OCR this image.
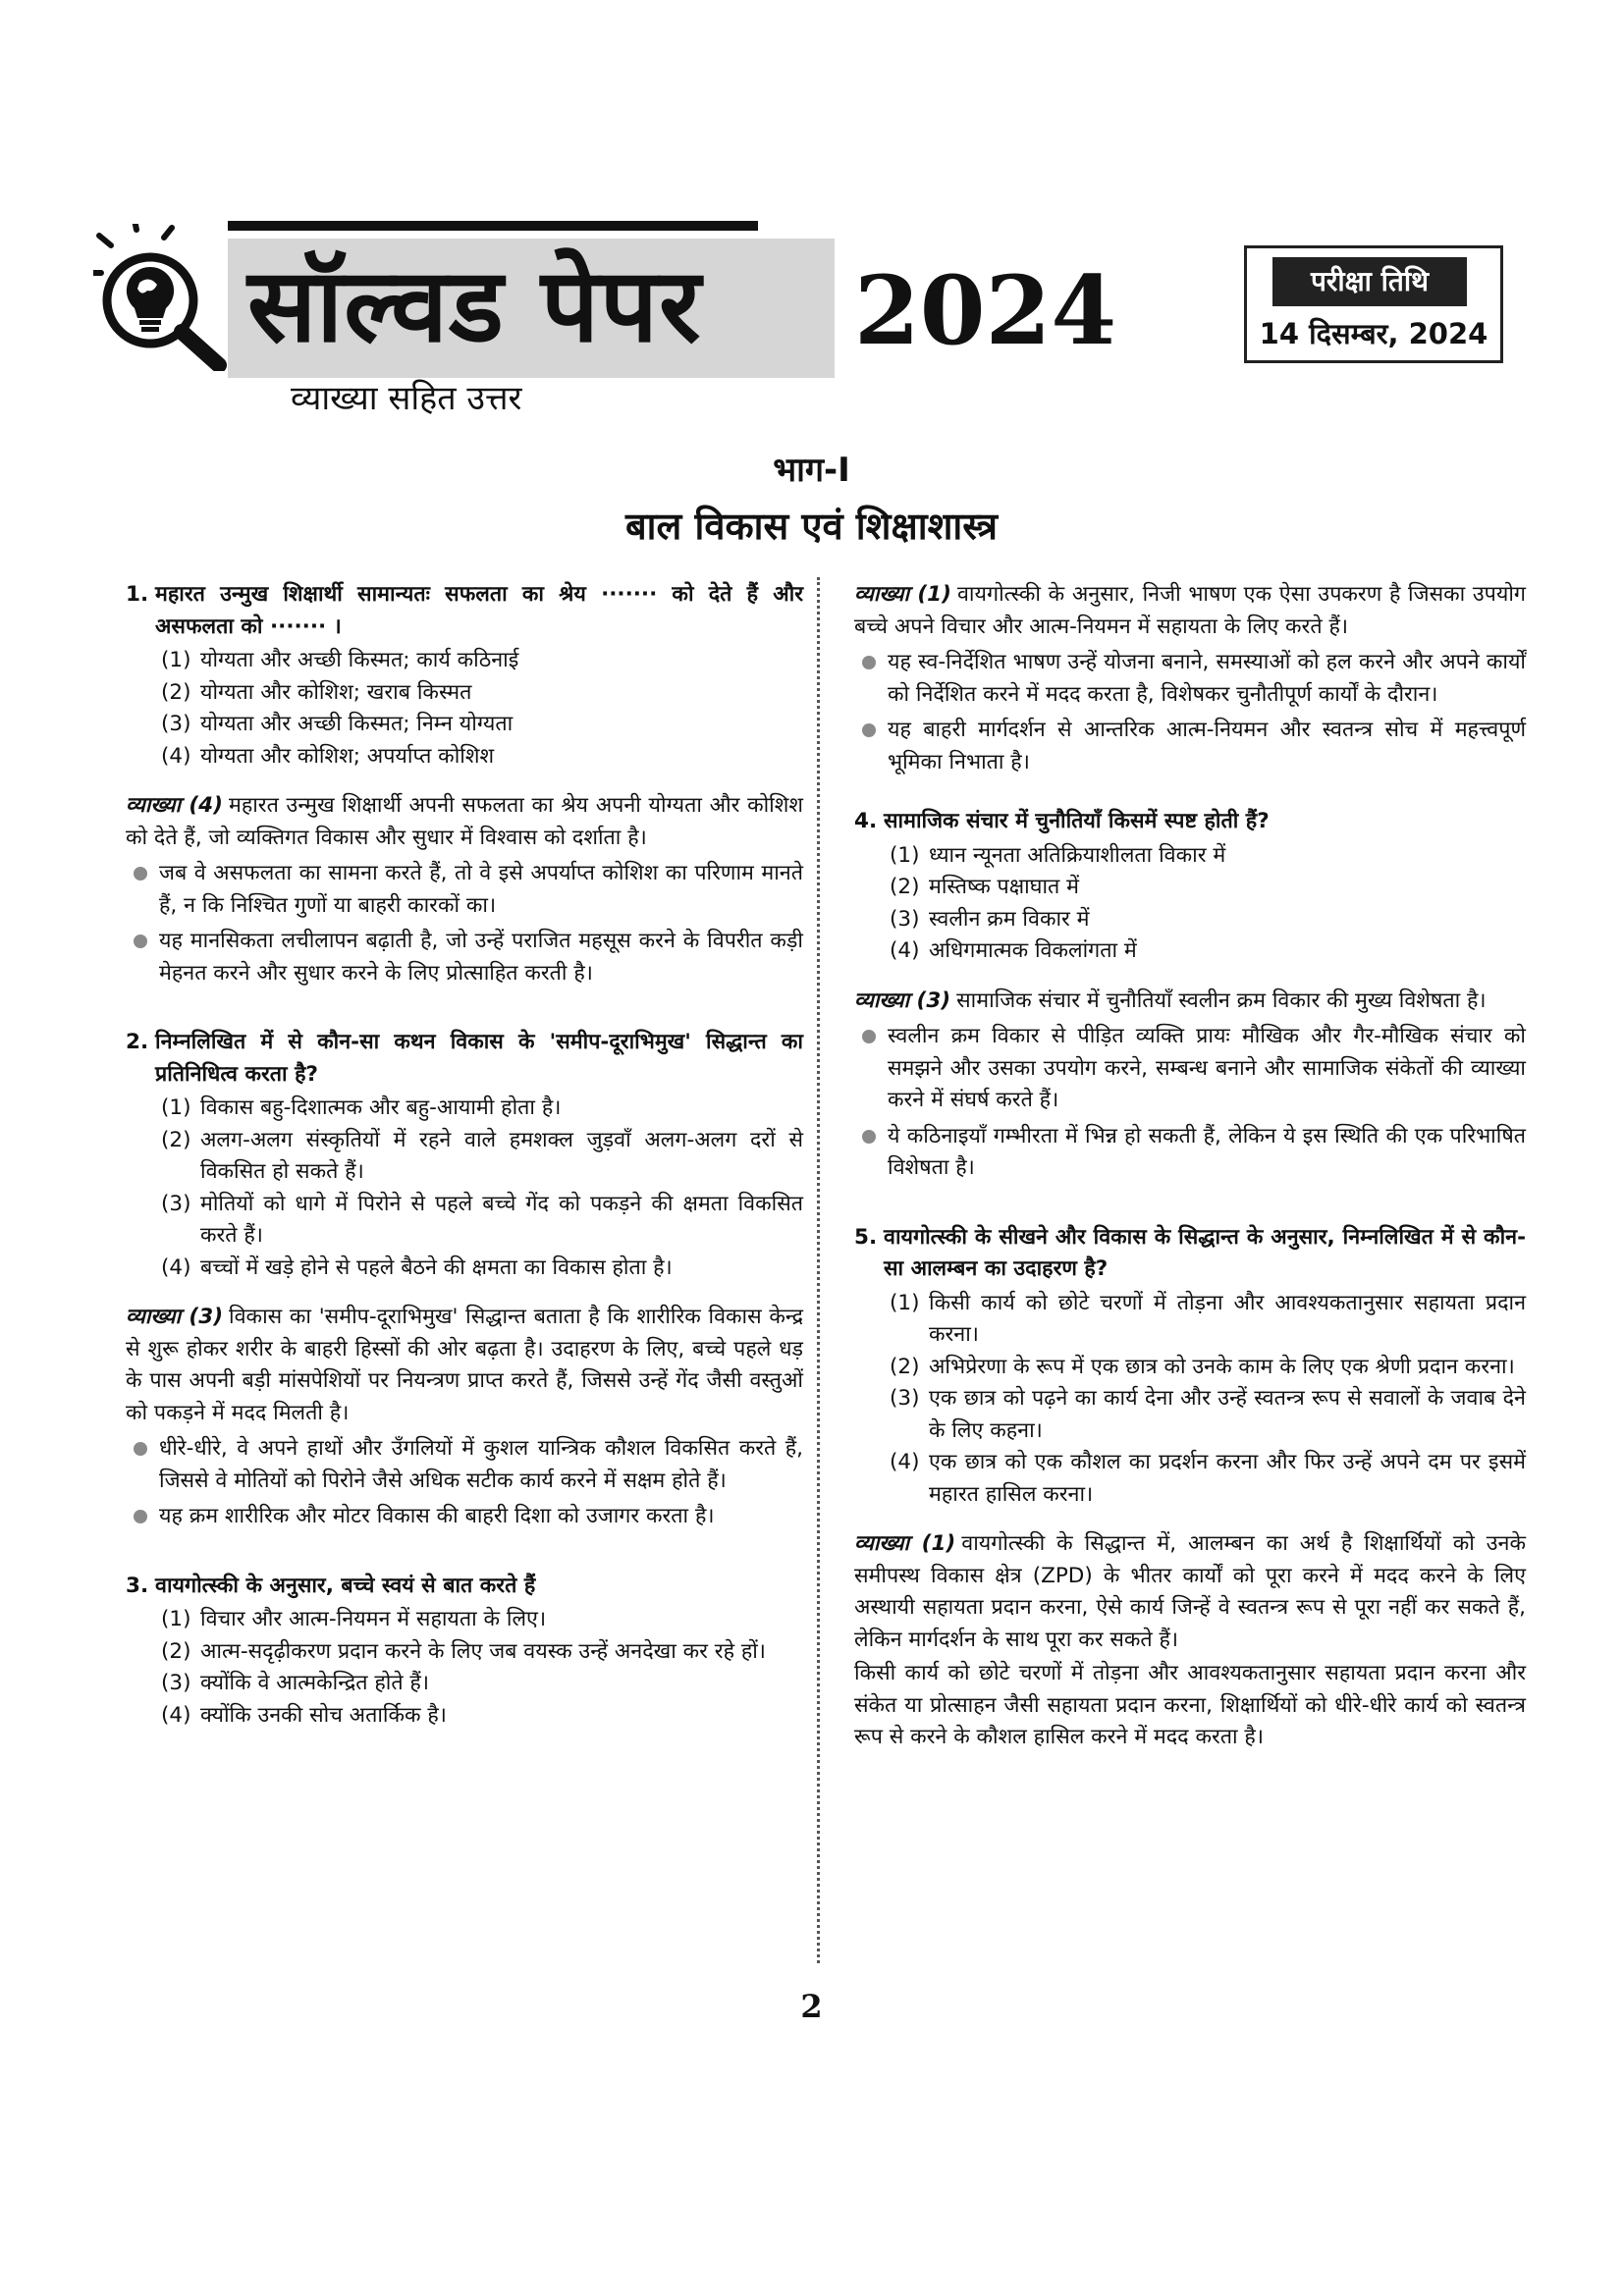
सॉल्वड पेपर 2024
व्याख्या सहित उत्तर
परीक्षा तिथि
14 दिसम्बर, 2024
भाग-I
बाल विकास एवं शिक्षाशास्त्र
1. महारत उन्मुख शिक्षार्थी सामान्यतः सफलता का श्रेय ······· को देते हैं और असफलता को ······· ।
(1) योग्यता और अच्छी किस्मत; कार्य कठिनाई
(2) योग्यता और कोशिश; खराब किस्मत
(3) योग्यता और अच्छी किस्मत; निम्न योग्यता
(4) योग्यता और कोशिश; अपर्याप्त कोशिश
व्याख्या (4) महारत उन्मुख शिक्षार्थी अपनी सफलता का श्रेय अपनी योग्यता और कोशिश को देते हैं, जो व्यक्तिगत विकास और सुधार में विश्वास को दर्शाता है।
जब वे असफलता का सामना करते हैं, तो वे इसे अपर्याप्त कोशिश का परिणाम मानते हैं, न कि निश्चित गुणों या बाहरी कारकों का।
यह मानसिकता लचीलापन बढ़ाती है, जो उन्हें पराजित महसूस करने के विपरीत कड़ी मेहनत करने और सुधार करने के लिए प्रोत्साहित करती है।
2. निम्नलिखित में से कौन-सा कथन विकास के 'समीप-दूराभिमुख' सिद्धान्त का प्रतिनिधित्व करता है?
(1) विकास बहु-दिशात्मक और बहु-आयामी होता है।
(2) अलग-अलग संस्कृतियों में रहने वाले हमशक्ल जुड़वाँ अलग-अलग दरों से विकसित हो सकते हैं।
(3) मोतियों को धागे में पिरोने से पहले बच्चे गेंद को पकड़ने की क्षमता विकसित करते हैं।
(4) बच्चों में खड़े होने से पहले बैठने की क्षमता का विकास होता है।
व्याख्या (3) विकास का 'समीप-दूराभिमुख' सिद्धान्त बताता है कि शारीरिक विकास केन्द्र से शुरू होकर शरीर के बाहरी हिस्सों की ओर बढ़ता है। उदाहरण के लिए, बच्चे पहले धड़ के पास अपनी बड़ी मांसपेशियों पर नियन्त्रण प्राप्त करते हैं, जिससे उन्हें गेंद जैसी वस्तुओं को पकड़ने में मदद मिलती है।
धीरे-धीरे, वे अपने हाथों और उँगलियों में कुशल यान्त्रिक कौशल विकसित करते हैं, जिससे वे मोतियों को पिरोने जैसे अधिक सटीक कार्य करने में सक्षम होते हैं।
यह क्रम शारीरिक और मोटर विकास की बाहरी दिशा को उजागर करता है।
3. वायगोत्स्की के अनुसार, बच्चे स्वयं से बात करते हैं
(1) विचार और आत्म-नियमन में सहायता के लिए।
(2) आत्म-सदृढ़ीकरण प्रदान करने के लिए जब वयस्क उन्हें अनदेखा कर रहे हों।
(3) क्योंकि वे आत्मकेन्द्रित होते हैं।
(4) क्योंकि उनकी सोच अतार्किक है।
व्याख्या (1) वायगोत्स्की के अनुसार, निजी भाषण एक ऐसा उपकरण है जिसका उपयोग बच्चे अपने विचार और आत्म-नियमन में सहायता के लिए करते हैं।
यह स्व-निर्देशित भाषण उन्हें योजना बनाने, समस्याओं को हल करने और अपने कार्यों को निर्देशित करने में मदद करता है, विशेषकर चुनौतीपूर्ण कार्यों के दौरान।
यह बाहरी मार्गदर्शन से आन्तरिक आत्म-नियमन और स्वतन्त्र सोच में महत्त्वपूर्ण भूमिका निभाता है।
4. सामाजिक संचार में चुनौतियाँ किसमें स्पष्ट होती हैं?
(1) ध्यान न्यूनता अतिक्रियाशीलता विकार में
(2) मस्तिष्क पक्षाघात में
(3) स्वलीन क्रम विकार में
(4) अधिगमात्मक विकलांगता में
व्याख्या (3) सामाजिक संचार में चुनौतियाँ स्वलीन क्रम विकार की मुख्य विशेषता है।
स्वलीन क्रम विकार से पीड़ित व्यक्ति प्रायः मौखिक और गैर-मौखिक संचार को समझने और उसका उपयोग करने, सम्बन्ध बनाने और सामाजिक संकेतों की व्याख्या करने में संघर्ष करते हैं।
ये कठिनाइयाँ गम्भीरता में भिन्न हो सकती हैं, लेकिन ये इस स्थिति की एक परिभाषित विशेषता है।
5. वायगोत्स्की के सीखने और विकास के सिद्धान्त के अनुसार, निम्नलिखित में से कौन-सा आलम्बन का उदाहरण है?
(1) किसी कार्य को छोटे चरणों में तोड़ना और आवश्यकतानुसार सहायता प्रदान करना।
(2) अभिप्रेरणा के रूप में एक छात्र को उनके काम के लिए एक श्रेणी प्रदान करना।
(3) एक छात्र को पढ़ने का कार्य देना और उन्हें स्वतन्त्र रूप से सवालों के जवाब देने के लिए कहना।
(4) एक छात्र को एक कौशल का प्रदर्शन करना और फिर उन्हें अपने दम पर इसमें महारत हासिल करना।
व्याख्या (1) वायगोत्स्की के सिद्धान्त में, आलम्बन का अर्थ है शिक्षार्थियों को उनके समीपस्थ विकास क्षेत्र (ZPD) के भीतर कार्यों को पूरा करने में मदद करने के लिए अस्थायी सहायता प्रदान करना, ऐसे कार्य जिन्हें वे स्वतन्त्र रूप से पूरा नहीं कर सकते हैं, लेकिन मार्गदर्शन के साथ पूरा कर सकते हैं।
किसी कार्य को छोटे चरणों में तोड़ना और आवश्यकतानुसार सहायता प्रदान करना और संकेत या प्रोत्साहन जैसी सहायता प्रदान करना, शिक्षार्थियों को धीरे-धीरे कार्य को स्वतन्त्र रूप से करने के कौशल हासिल करने में मदद करता है।
2
